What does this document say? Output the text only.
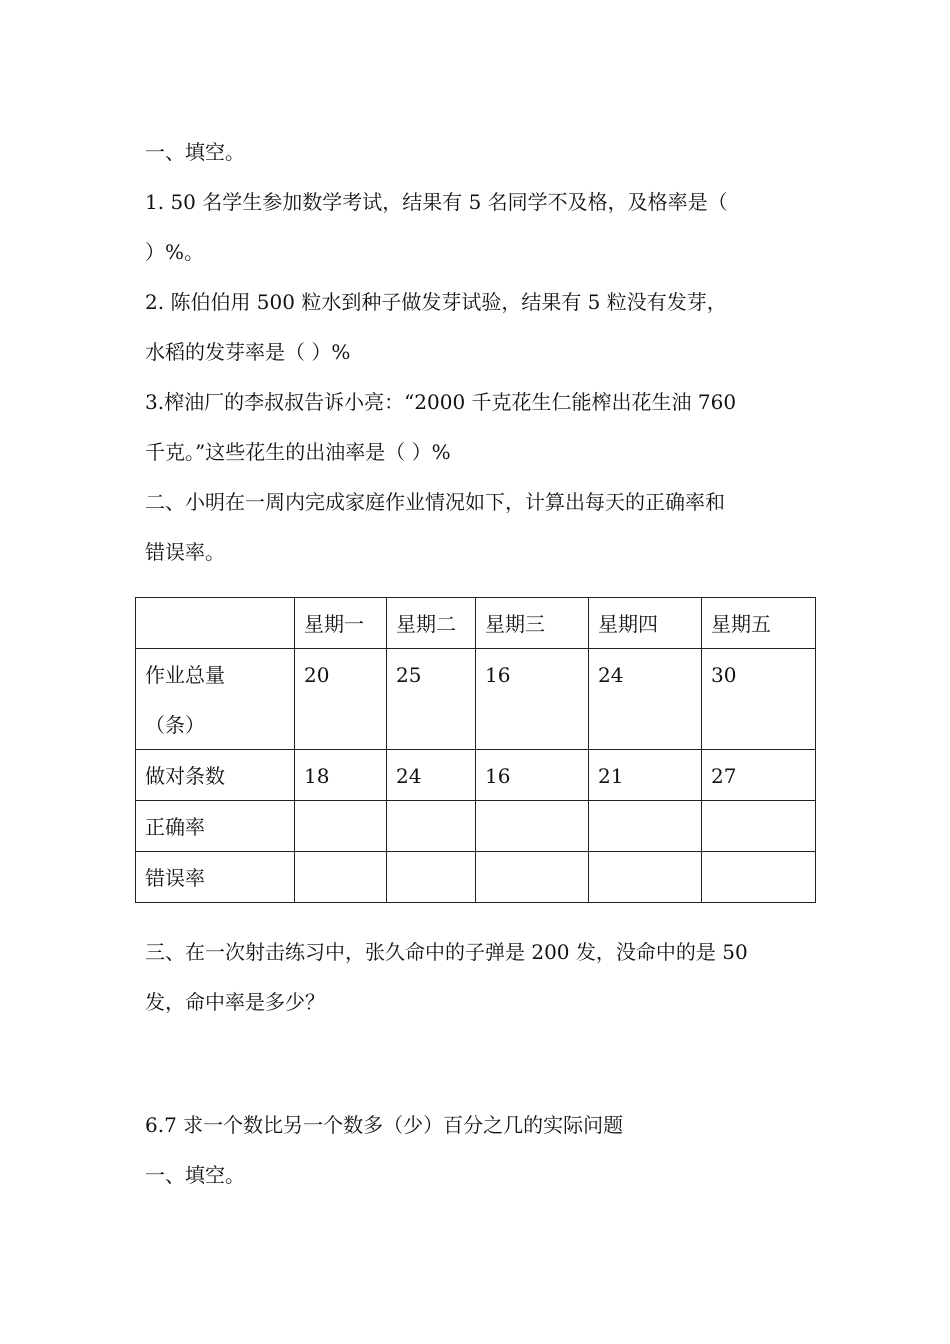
一、填空。
1. 50 名学生参加数学考试，结果有 5 名同学不及格，及格率是（
）%。
2. 陈伯伯用 500 粒水到种子做发芽试验，结果有 5 粒没有发芽，
水稻的发芽率是（ ）%
3.榨油厂的李叔叔告诉小亮：“2000 千克花生仁能榨出花生油 760
千克。”这些花生的出油率是（ ）%
二、小明在一周内完成家庭作业情况如下，计算出每天的正确率和
错误率。
	星期一	星期二	星期三	星期四	星期五

作业总量
（条）	20	25	16	24	30
做对条数	18	24	16	21	27
正确率					
错误率					
三、在一次射击练习中，张久命中的子弹是 200 发，没命中的是 50
发，命中率是多少？
6.7 求一个数比另一个数多（少）百分之几的实际问题
一、填空。
